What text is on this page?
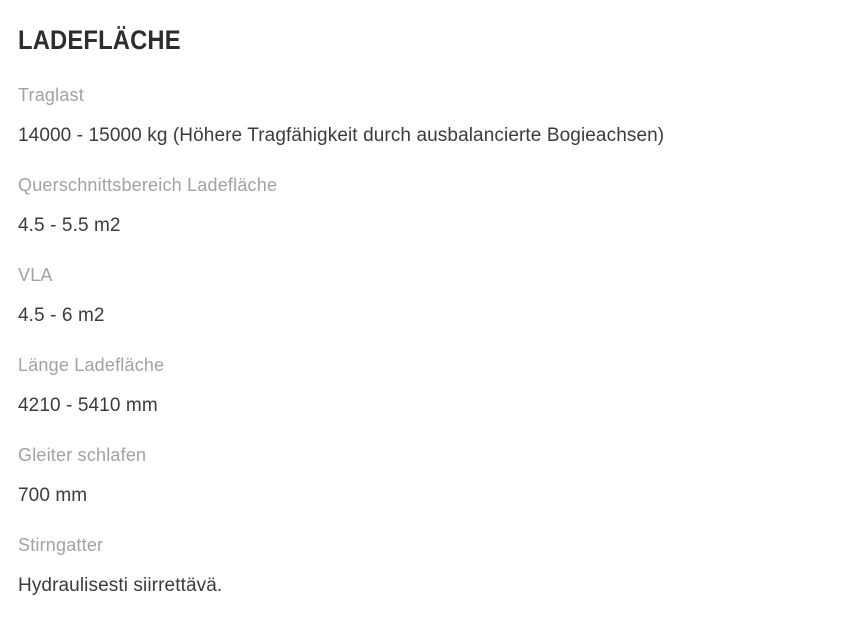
LADEFLÄCHE
Traglast
14000 - 15000 kg (Höhere Tragfähigkeit durch ausbalancierte Bogieachsen)
Querschnittsbereich Ladefläche
4.5 - 5.5 m2
VLA
4.5 - 6 m2
Länge Ladefläche
4210 - 5410 mm
Gleiter schlafen
700 mm
Stirngatter
Hydraulisesti siirrettävä.
